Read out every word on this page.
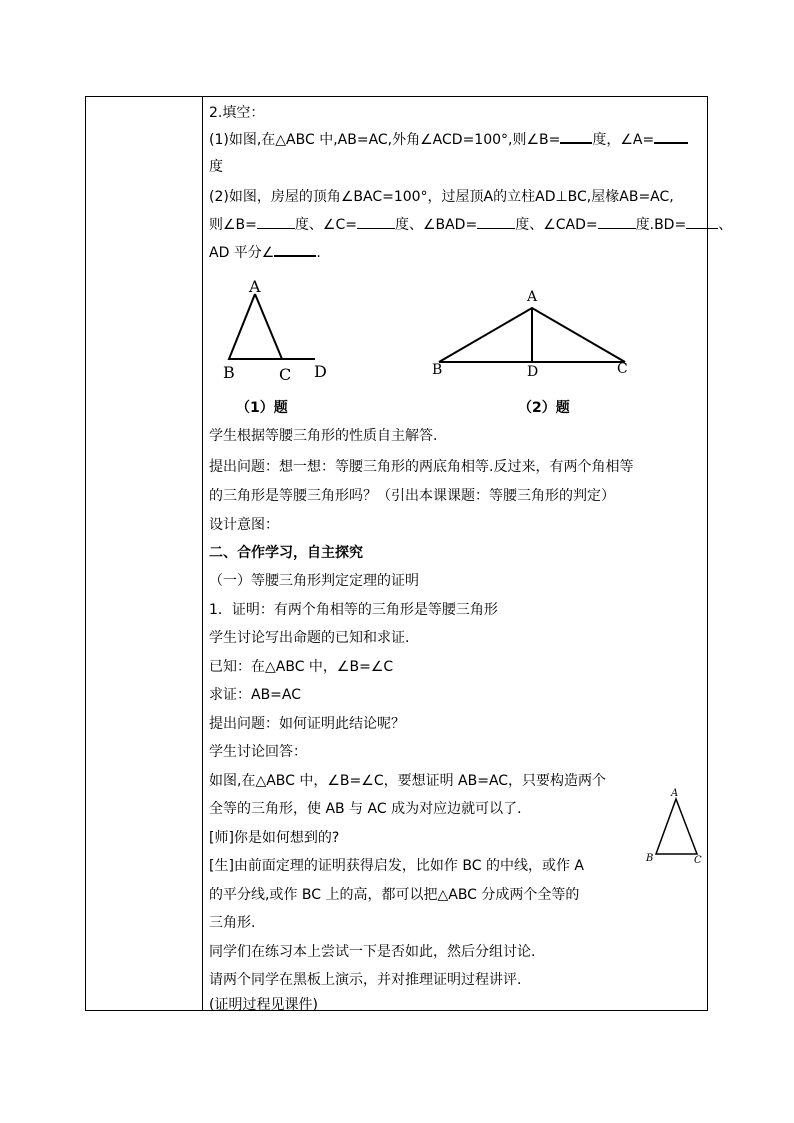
2.填空：
(1)如图,在△ABC 中,AB=AC,外角∠ACD=100°,则∠B= 度，∠A=
度
(2)如图，房屋的顶角∠BAC=100°，过屋顶A的立柱AD⊥BC,屋椽AB=AC,
则∠B=	度、∠C=	度、∠BAD=	度、∠CAD=	度.BD= 、
AD 平分∠	.
学生根据等腰三角形的性质自主解答.
提出问题：想一想：等腰三角形的两底角相等.反过来，有两个角相等
的三角形是等腰三角形吗？（引出本课课题：等腰三角形的判定）
设计意图：
二、合作学习，自主探究
（一）等腰三角形判定定理的证明
1．证明：有两个角相等的三角形是等腰三角形
学生讨论写出命题的已知和求证.
已知：在△ABC 中，∠B=∠C
求证：AB=AC
提出问题：如何证明此结论呢？
学生讨论回答：
如图,在△ABC 中，∠B=∠C，要想证明 AB=AC，只要构造两个
全等的三角形，使 AB 与 AC 成为对应边就可以了.
[师]你是如何想到的?
[生]由前面定理的证明获得启发，比如作 BC 的中线，或作 A
的平分线,或作 BC 上的高，都可以把△ABC 分成两个全等的
三角形.
同学们在练习本上尝试一下是否如此，然后分组讨论.
请两个同学在黑板上演示，并对推理证明过程讲评.
(证明过程见课件)
A
B	C D
（1）题
A
B	D	C
（2）题
A
B	C
